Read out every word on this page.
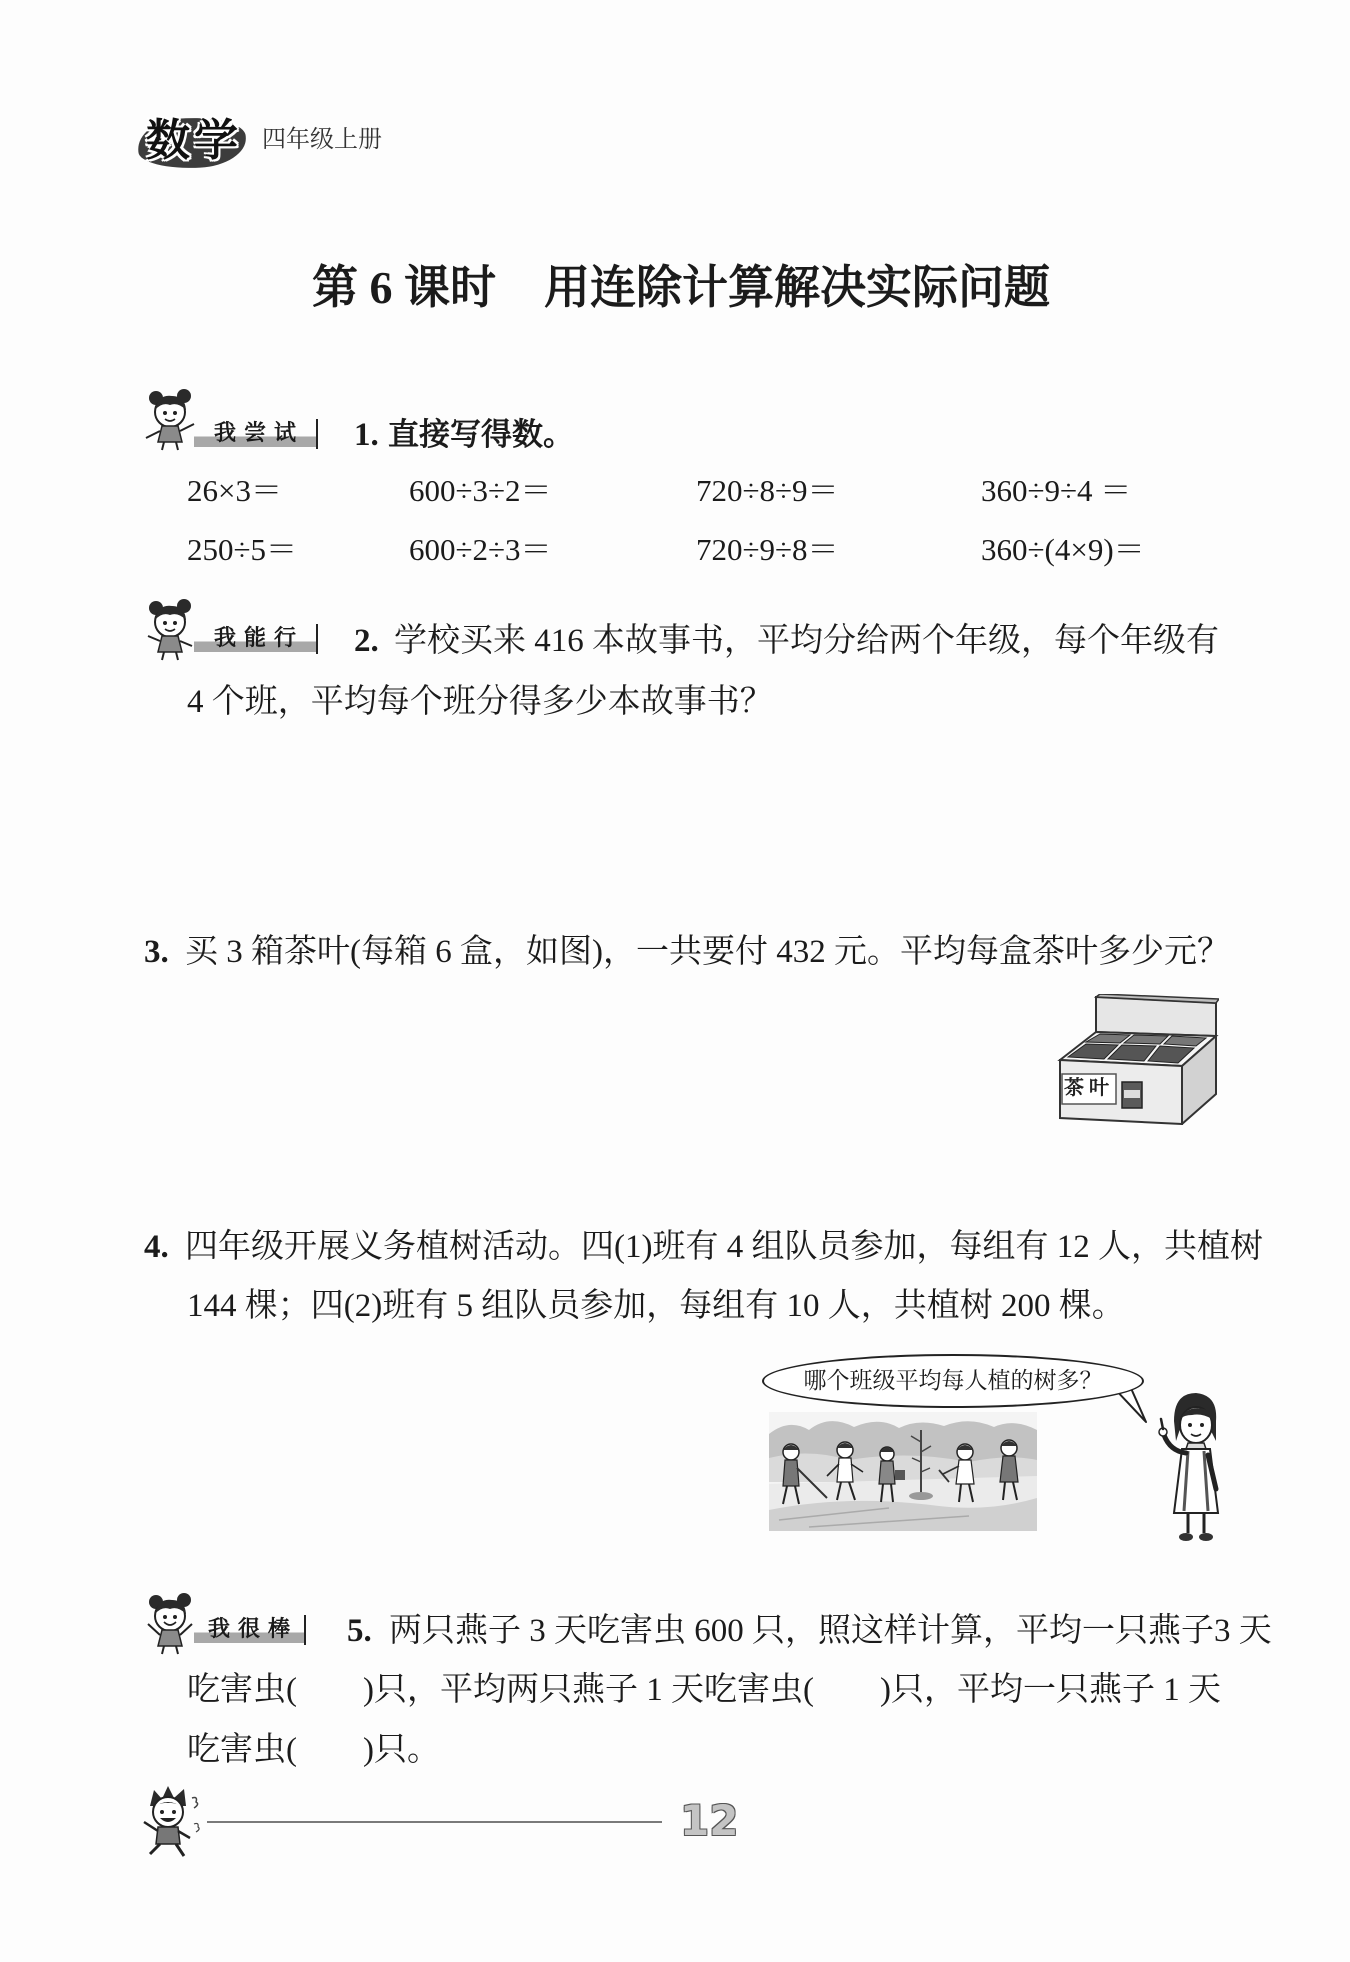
数学 四年级上册
第 6 课时 用连除计算解决实际问题
我尝试	1. 直接写得数。
26×3＝	600÷3÷2＝	720÷8÷9＝	360÷9÷4 ＝
250÷5＝	600÷2÷3＝	720÷9÷8＝	360÷(4×9)＝
我能行	2. 学校买来 416 本故事书，平均分给两个年级，每个年级有
4 个班，平均每个班分得多少本故事书？
3. 买 3 箱茶叶(每箱 6 盒，如图)，一共要付 432 元。平均每盒茶叶多少元？
茶 叶
4. 四年级开展义务植树活动。四(1)班有 4 组队员参加，每组有 12 人，共植树
144 棵；四(2)班有 5 组队员参加，每组有 10 人，共植树 200 棵。
哪个班级平均每人植的树多？
我很棒 5. 两只燕子 3 天吃害虫 600 只，照这样计算，平均一只燕子3 天
吃害虫(　　)只，平均两只燕子 1 天吃害虫(　　)只，平均一只燕子 1 天
吃害虫(　　)只。
12
